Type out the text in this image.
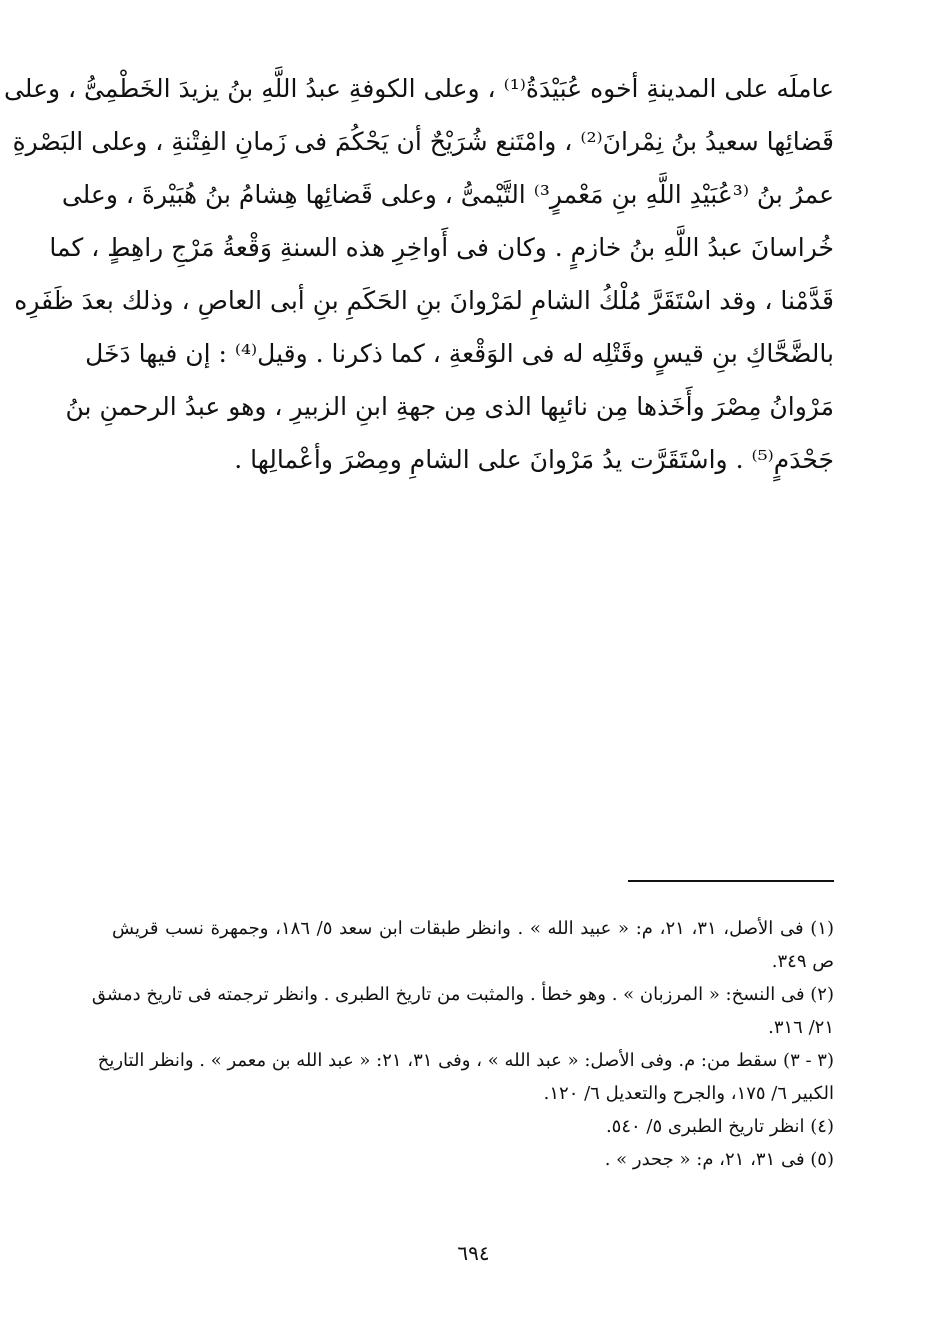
عاملَه على المدينةِ أخوه عُبَيْدَةُ⁽¹⁾ ، وعلى الكوفةِ عبدُ اللَّهِ بنُ يزيدَ الخَطْمِىُّ ، وعلى
قَضائِها سعيدُ بنُ نِمْرانَ⁽²⁾ ، وامْتَنع شُرَيْحٌ أن يَحْكُمَ فى زَمانِ الفِتْنةِ ، وعلى البَصْرةِ
عمرُ بنُ ⁽³عُبَيْدِ اللَّهِ بنِ مَعْمرٍ³⁾ التَّيْمىُّ ، وعلى قَضائِها هِشامُ بنُ هُبَيْرةَ ، وعلى
خُراسانَ عبدُ اللَّهِ بنُ خازمٍ . وكان فى أَواخِرِ هذه السنةِ وَقْعةُ مَرْجِ راهِطٍ ، كما
قَدَّمْنا ، وقد اسْتَقَرَّ مُلْكُ الشامِ لمَرْوانَ بنِ الحَكَمِ بنِ أبى العاصِ ، وذلك بعدَ ظَفَرِه
بالضَّحَّاكِ بنِ قيسٍ وقَتْلِه له فى الوَقْعةِ ، كما ذكرنا . وقيل⁽⁴⁾ : إن فيها دَخَل
مَرْوانُ مِصْرَ وأَخَذها مِن نائبِها الذى مِن جهةِ ابنِ الزبيرِ ، وهو عبدُ الرحمنِ بنُ
جَحْدَمٍ⁽⁵⁾ . واسْتَقَرَّت يدُ مَرْوانَ على الشامِ ومِصْرَ وأعْمالِها .
(١) فى الأصل، ٣١، ٢١، م: « عبيد الله » . وانظر طبقات ابن سعد ٥/ ١٨٦، وجمهرة نسب قريش
ص ٣٤٩.
(٢) فى النسخ: « المرزبان » . وهو خطأ . والمثبت من تاريخ الطبرى . وانظر ترجمته فى تاريخ دمشق
٢١/ ٣١٦.
(٣ - ٣) سقط من: م. وفى الأصل: « عبد الله » ، وفى ٣١، ٢١: « عبد الله بن معمر » . وانظر التاريخ
الكبير ٦/ ١٧٥، والجرح والتعديل ٦/ ١٢٠.
(٤) انظر تاريخ الطبرى ٥/ ٥٤٠.
(٥) فى ٣١، ٢١، م: « جحدر » .
٦٩٤
